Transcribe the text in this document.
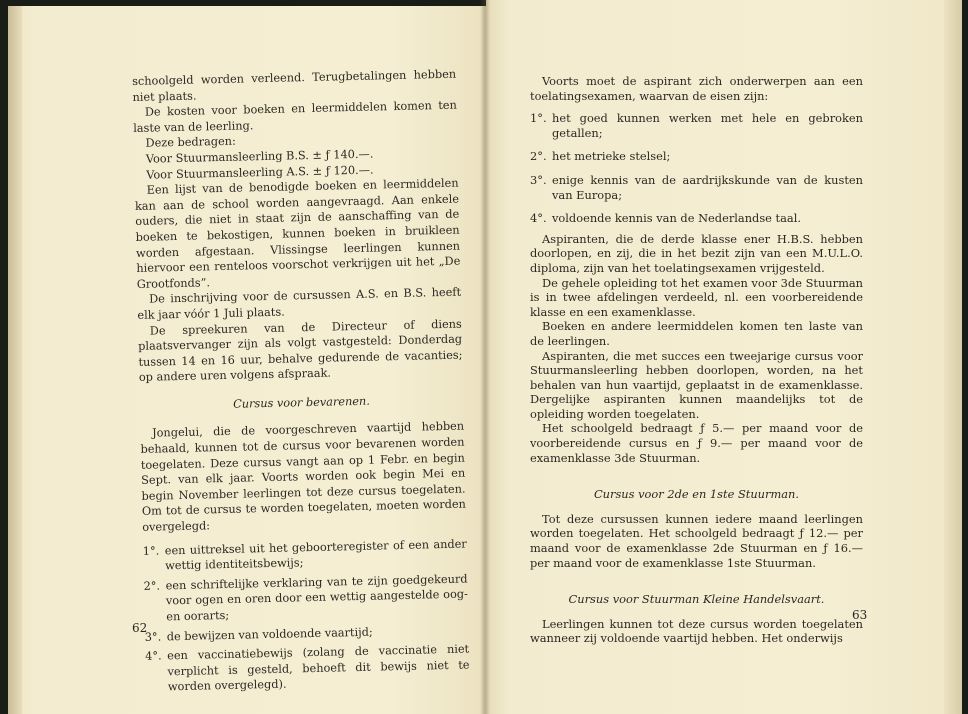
schoolgeld worden verleend. Terugbetalingen hebben niet plaats.

De kosten voor boeken en leermiddelen komen ten laste van de leerling.

Deze bedragen:

Voor Stuurmansleerling B.S. ± ƒ 140.—.

Voor Stuurmansleerling A.S. ± ƒ 120.—.

Een lijst van de benodigde boeken en leermiddelen kan aan de school worden aangevraagd. Aan enkele ouders, die niet in staat zijn de aanschaffing van de boeken te bekostigen, kunnen boeken in bruikleen worden afgestaan. Vlissingse leerlingen kunnen hiervoor een renteloos voorschot verkrijgen uit het „De Grootfonds”.

De inschrijving voor de cursussen A.S. en B.S. heeft elk jaar vóór 1 Juli plaats.

De spreekuren van de Directeur of diens plaatsvervanger zijn als volgt vastgesteld: Donderdag tussen 14 en 16 uur, behalve gedurende de vacanties; op andere uren volgens afspraak.

Cursus voor bevarenen.

Jongelui, die de voorgeschreven vaartijd hebben behaald, kunnen tot de cursus voor bevarenen worden toegelaten. Deze cursus vangt aan op 1 Febr. en begin Sept. van elk jaar. Voorts worden ook begin Mei en begin November leerlingen tot deze cursus toegelaten. Om tot de cursus te worden toegelaten, moeten worden overgelegd:

1°. een uittreksel uit het geboorteregister of een ander wettig identiteitsbewijs;
2°. een schriftelijke verklaring van te zijn goedgekeurd voor ogen en oren door een wettig aangestelde oog- en oorarts;
3°. de bewijzen van voldoende vaartijd;
4°. een vaccinatiebewijs (zolang de vaccinatie niet verplicht is gesteld, behoeft dit bewijs niet te worden overgelegd).
62

Voorts moet de aspirant zich onderwerpen aan een toelatingsexamen, waarvan de eisen zijn:

1°. het goed kunnen werken met hele en gebroken getallen;
2°. het metrieke stelsel;
3°. enige kennis van de aardrijkskunde van de kusten van Europa;
4°. voldoende kennis van de Nederlandse taal.

Aspiranten, die de derde klasse ener H.B.S. hebben doorlopen, en zij, die in het bezit zijn van een M.U.L.O. diploma, zijn van het toelatingsexamen vrijgesteld.

De gehele opleiding tot het examen voor 3de Stuurman is in twee afdelingen verdeeld, nl. een voorbereidende klasse en een examenklasse.

Boeken en andere leermiddelen komen ten laste van de leerlingen.

Aspiranten, die met succes een tweejarige cursus voor Stuurmansleerling hebben doorlopen, worden, na het behalen van hun vaartijd, geplaatst in de examenklasse. Dergelijke aspiranten kunnen maandelijks tot de opleiding worden toegelaten.

Het schoolgeld bedraagt ƒ 5.— per maand voor de voorbereidende cursus en ƒ 9.— per maand voor de examenklasse 3de Stuurman.

Cursus voor 2de en 1ste Stuurman.

Tot deze cursussen kunnen iedere maand leerlingen worden toegelaten. Het schoolgeld bedraagt ƒ 12.— per maand voor de examenklasse 2de Stuurman en ƒ 16.— per maand voor de examenklasse 1ste Stuurman.

Cursus voor Stuurman Kleine Handelsvaart.

Leerlingen kunnen tot deze cursus worden toegelaten wanneer zij voldoende vaartijd hebben. Het onderwijs

63
